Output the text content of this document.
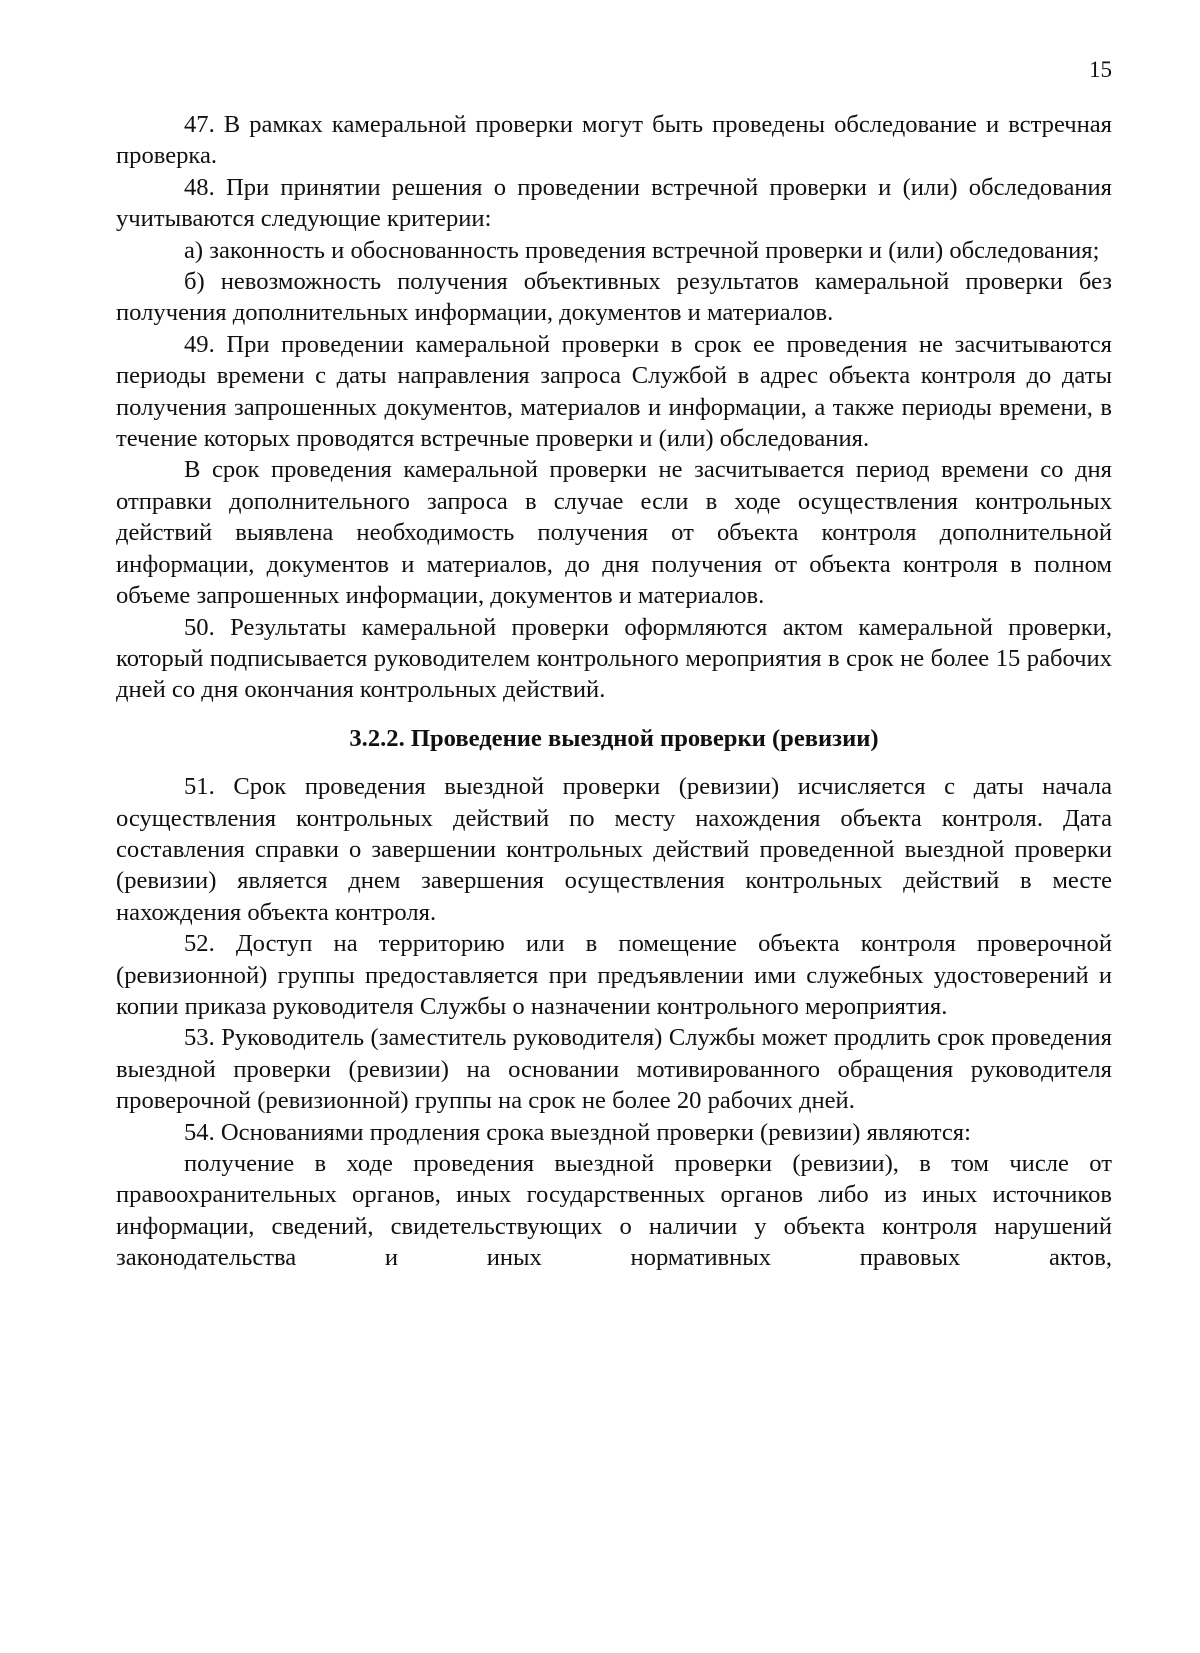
15

47. В рамках камеральной проверки могут быть проведены обследование и встречная проверка.

48. При принятии решения о проведении встречной проверки и (или) обследования учитываются следующие критерии:

а) законность и обоснованность проведения встречной проверки и (или) обследования;

б) невозможность получения объективных результатов камеральной проверки без получения дополнительных информации, документов и материалов.

49. При проведении камеральной проверки в срок ее проведения не засчитываются периоды времени с даты направления запроса Службой в адрес объекта контроля до даты получения запрошенных документов, материалов и информации, а также периоды времени, в течение которых проводятся встречные проверки и (или) обследования.

В срок проведения камеральной проверки не засчитывается период времени со дня отправки дополнительного запроса в случае если в ходе осуществления контрольных действий выявлена необходимость получения от объекта контроля дополнительной информации, документов и материалов, до дня получения от объекта контроля в полном объеме запрошенных информации, документов и материалов.

50. Результаты камеральной проверки оформляются актом камеральной проверки, который подписывается руководителем контрольного мероприятия в срок не более 15 рабочих дней со дня окончания контрольных действий.

3.2.2. Проведение выездной проверки (ревизии)

51. Срок проведения выездной проверки (ревизии) исчисляется с даты начала осуществления контрольных действий по месту нахождения объекта контроля. Дата составления справки о завершении контрольных действий проведенной выездной проверки (ревизии) является днем завершения осуществления контрольных действий в месте нахождения объекта контроля.

52. Доступ на территорию или в помещение объекта контроля проверочной (ревизионной) группы предоставляется при предъявлении ими служебных удостоверений и копии приказа руководителя Службы о назначении контрольного мероприятия.

53. Руководитель (заместитель руководителя) Службы может продлить срок проведения выездной проверки (ревизии) на основании мотивированного обращения руководителя проверочной (ревизионной) группы на срок не более 20 рабочих дней.

54. Основаниями продления срока выездной проверки (ревизии) являются:

получение в ходе проведения выездной проверки (ревизии), в том числе от правоохранительных органов, иных государственных органов либо из иных источников информации, сведений, свидетельствующих о наличии у объекта контроля нарушений законодательства и иных нормативных правовых актов,
